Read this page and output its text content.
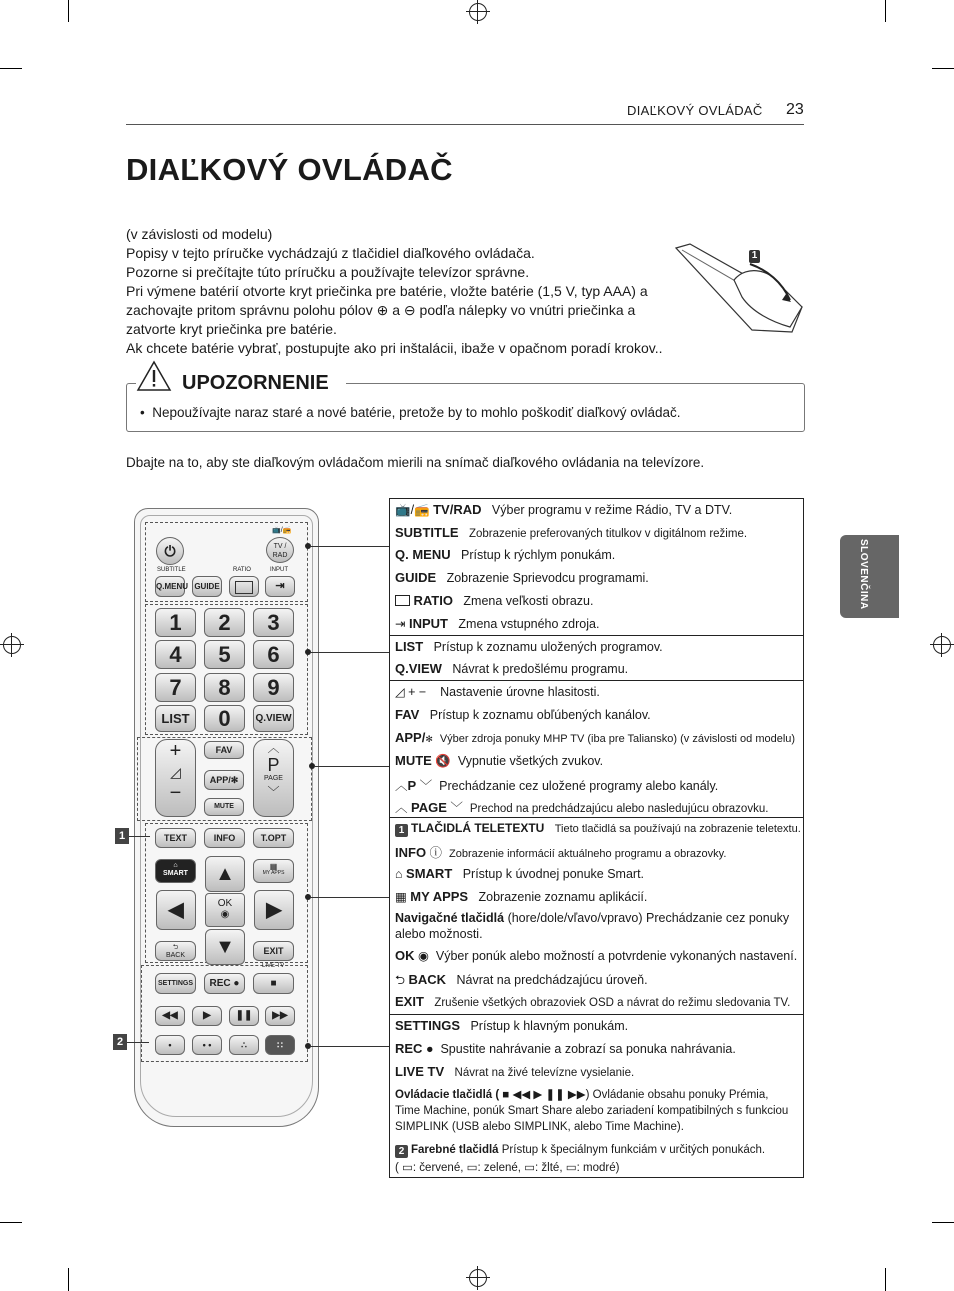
DIAĽKOVÝ OVLÁDAČ 23
SLOVENČINA
DIAĽKOVÝ OVLÁDAČ

(v závislosti od modelu)

Popisy v tejto príručke vychádzajú z tlačidiel diaľkového ovládača.

Pozorne si prečítajte túto príručku a používajte televízor správne.

Pri výmene batérií otvorte kryt priečinka pre batérie, vložte batérie (1,5 V, typ AAA) a

zachovajte pritom správnu polohu pólov ⊕ a ⊖ podľa nálepky vo vnútri priečinka a

zatvorte kryt priečinka pre batérie.

Ak chcete batérie vybrať, postupujte ako pri inštalácii, ibaže v opačnom poradí krokov..

1
UPOZORNENIE
• Nepoužívajte naraz staré a nové batérie, pretože by to mohlo poškodiť diaľkový ovládač.
Dbajte na to, aby ste diaľkovým ovládačom mierili na snímač diaľkového ovládania na televízore.
⏻
📺/📻
TV / RAD
SUBTITLE	RATIO	INPUT
Q.MENU GUIDE	⇥
1	2	3
4	5	6
7	8	9
LIST	0	Q.VIEW
+
◿
−
FAV
APP/✻
MUTE
︿
P
PAGE
﹀
TEXT	INFO	T.OPT
⌂
SMART
▦
MY APPS
◀	▶
▲
▼
OK
◉
⮌
BACK	EXIT
LIVE TV
SETTINGS	REC ●	■
◀◀	▶	❚❚	▶▶
•	• •	∴	∷
1
2
📺/📻 TV/RAD Výber programu v režime Rádio, TV a DTV.
SUBTITLE Zobrazenie preferovaných titulkov v digitálnom režime.
Q. MENU Prístup k rýchlym ponukám.
GUIDE Zobrazenie Sprievodcu programami.
RATIO Zmena veľkosti obrazu.
⇥ INPUT Zmena vstupného zdroja.
LIST Prístup k zoznamu uložených programov.
Q.VIEW Návrat k predošlému programu.
◿ + − Nastavenie úrovne hlasitosti.
FAV Prístup k zoznamu obľúbených kanálov.
APP/✻ Výber zdroja ponuky MHP TV (iba pre Taliansko) (v závislosti od modelu)
MUTE 🔇 Vypnutie všetkých zvukov.
︿P ﹀ Prechádzanie cez uložené programy alebo kanály.
︿ PAGE ﹀ Prechod na predchádzajúcu alebo nasledujúcu obrazovku.
1 TLAČIDLÁ TELETEXTU Tieto tlačidlá sa používajú na zobrazenie teletextu.
INFO ⓘ Zobrazenie informácií aktuálneho programu a obrazovky.
⌂ SMART Prístup k úvodnej ponuke Smart.
▦ MY APPS Zobrazenie zoznamu aplikácií.
Navigačné tlačidlá (hore/dole/vľavo/vpravo) Prechádzanie cez ponuky
alebo možnosti.
OK ◉ Výber ponúk alebo možností a potvrdenie vykonaných nastavení.
⮌ BACK Návrat na predchádzajúcu úroveň.
EXIT Zrušenie všetkých obrazoviek OSD a návrat do režimu sledovania TV.
SETTINGS Prístup k hlavným ponukám.
REC ● Spustite nahrávanie a zobrazí sa ponuka nahrávania.
LIVE TV Návrat na živé televízne vysielanie.
Ovládacie tlačidlá ( ■ ◀◀ ▶ ❚❚ ▶▶) Ovládanie obsahu ponuky Prémia,
Time Machine, ponúk Smart Share alebo zariadení kompatibilných s funkciou
SIMPLINK (USB alebo SIMPLINK, alebo Time Machine).
2 Farebné tlačidlá Prístup k špeciálnym funkciám v určitých ponukách.
( ▭: červené, ▭: zelené, ▭: žlté, ▭: modré)
